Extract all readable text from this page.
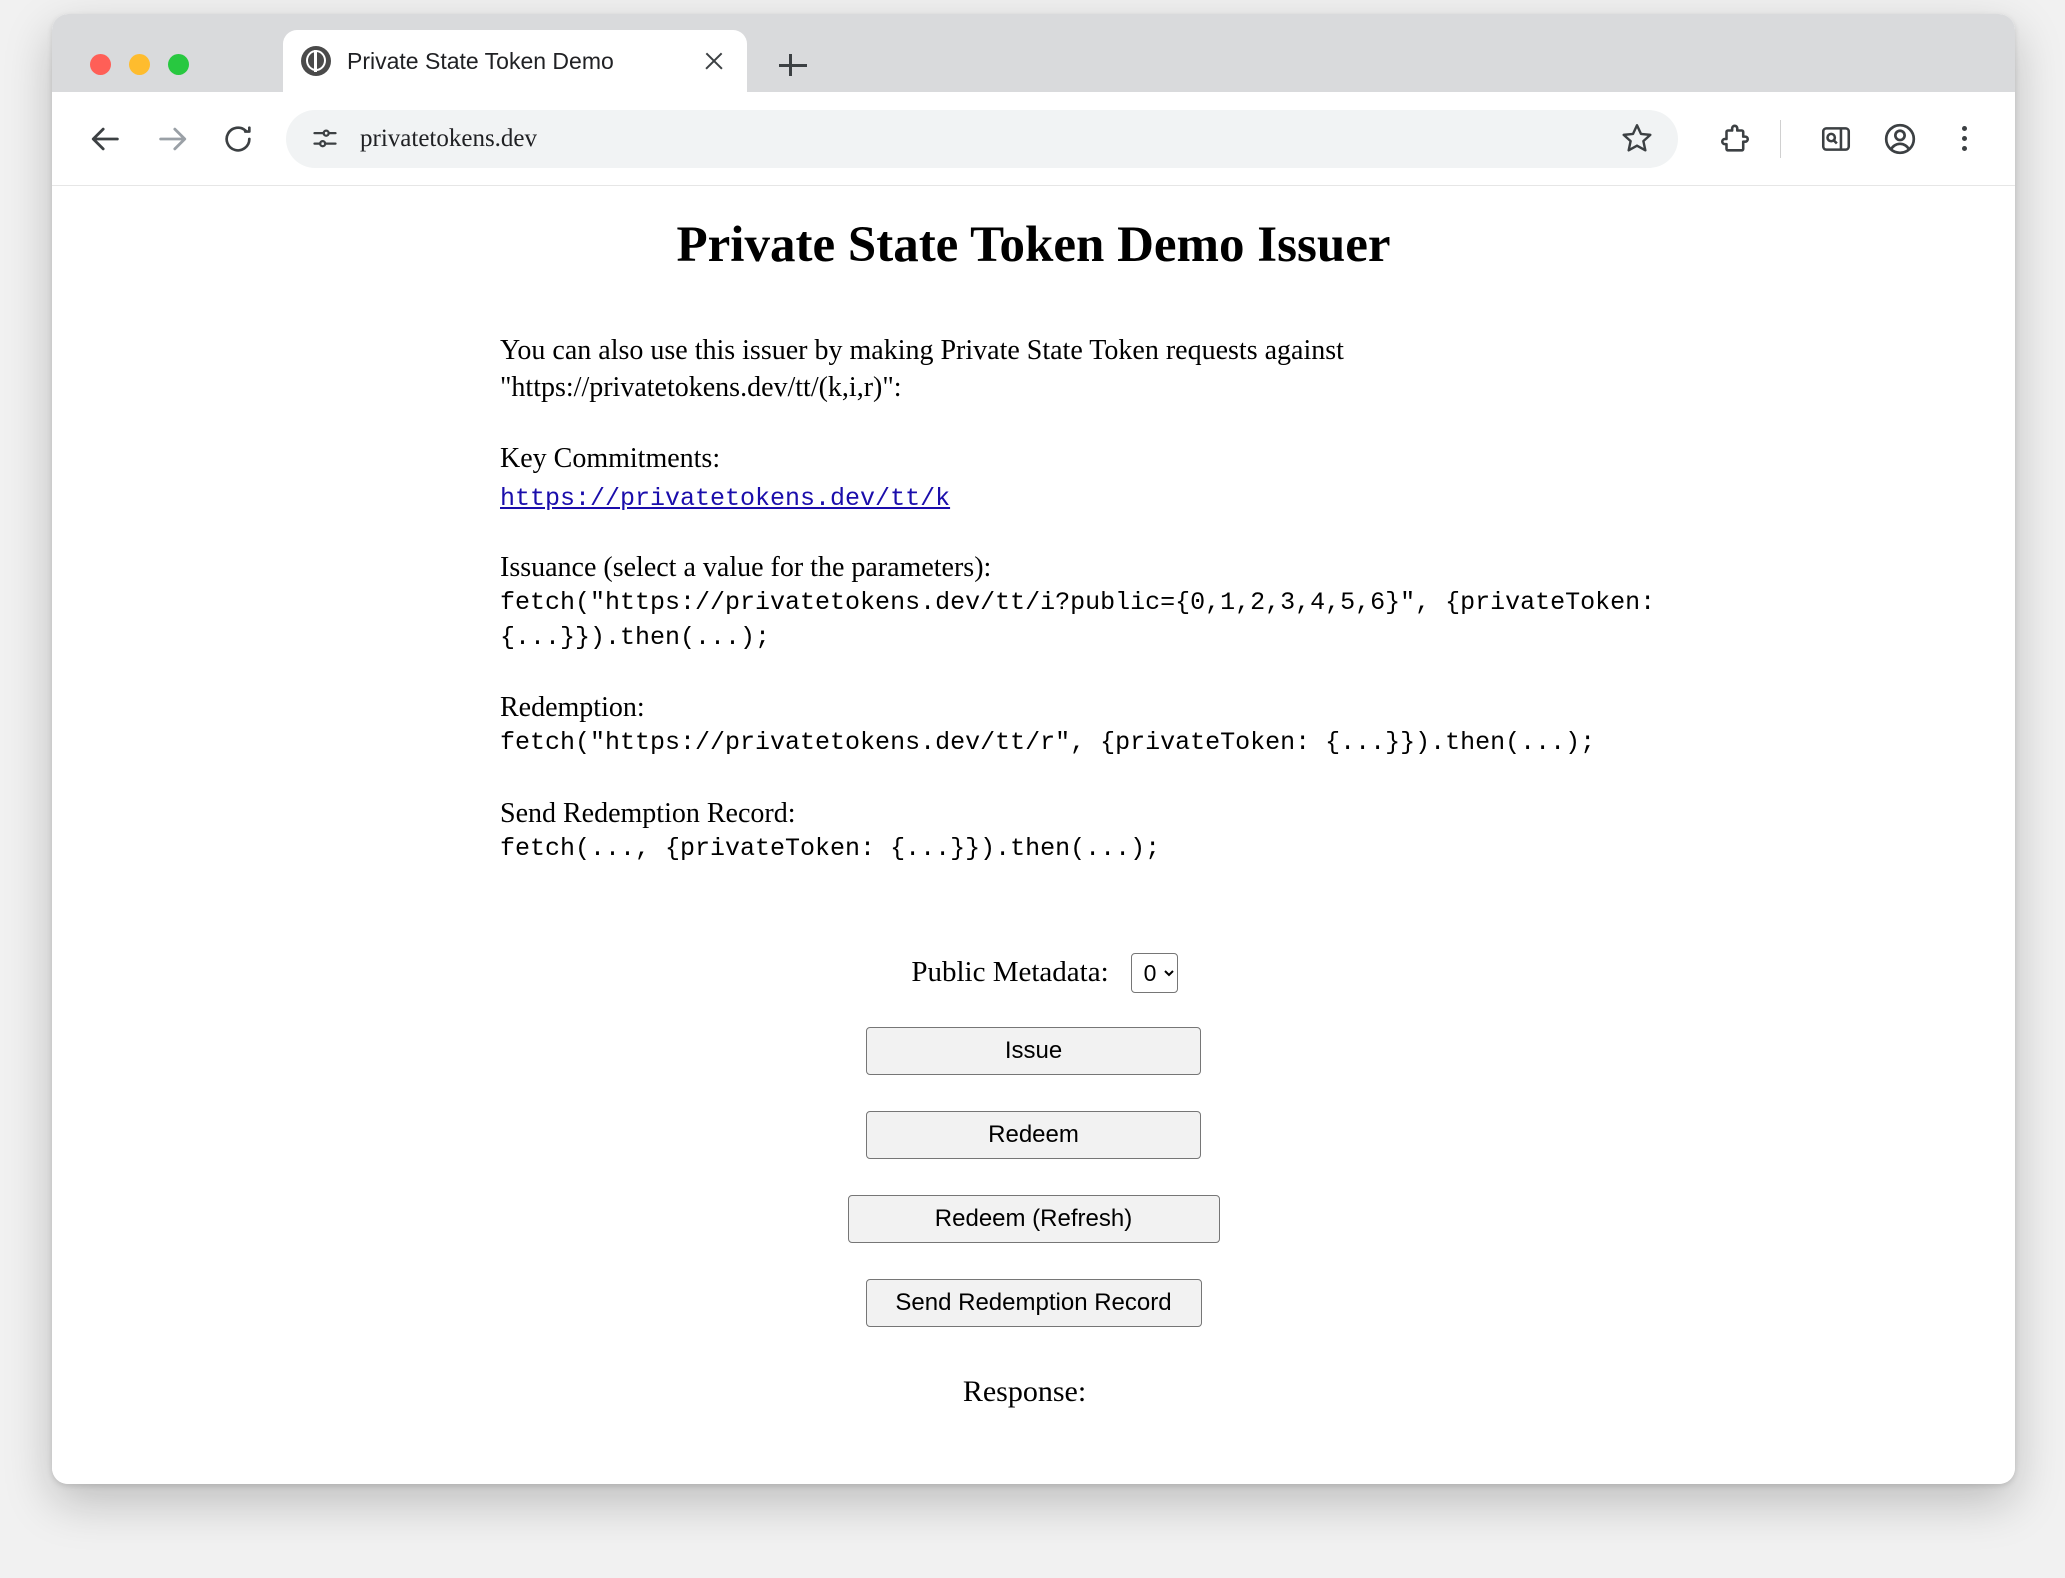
Private State Token Demo
privatetokens.dev
Private State Token Demo Issuer

You can also use this issuer by making Private State Token requests against "https://privatetokens.dev/tt/(k,i,r)":

Key Commitments:
https://privatetokens.dev/tt/k
Issuance (select a value for the parameters):
fetch("https://privatetokens.dev/tt/i?public={0,1,2,3,4,5,6}", {privateToken: {...}}).then(...);
Redemption:
fetch("https://privatetokens.dev/tt/r", {privateToken: {...}}).then(...);
Send Redemption Record:
fetch(..., {privateToken: {...}}).then(...);
Public Metadata:
0
Issue
Redeem
Redeem (Refresh)
Send Redemption Record
Response:
